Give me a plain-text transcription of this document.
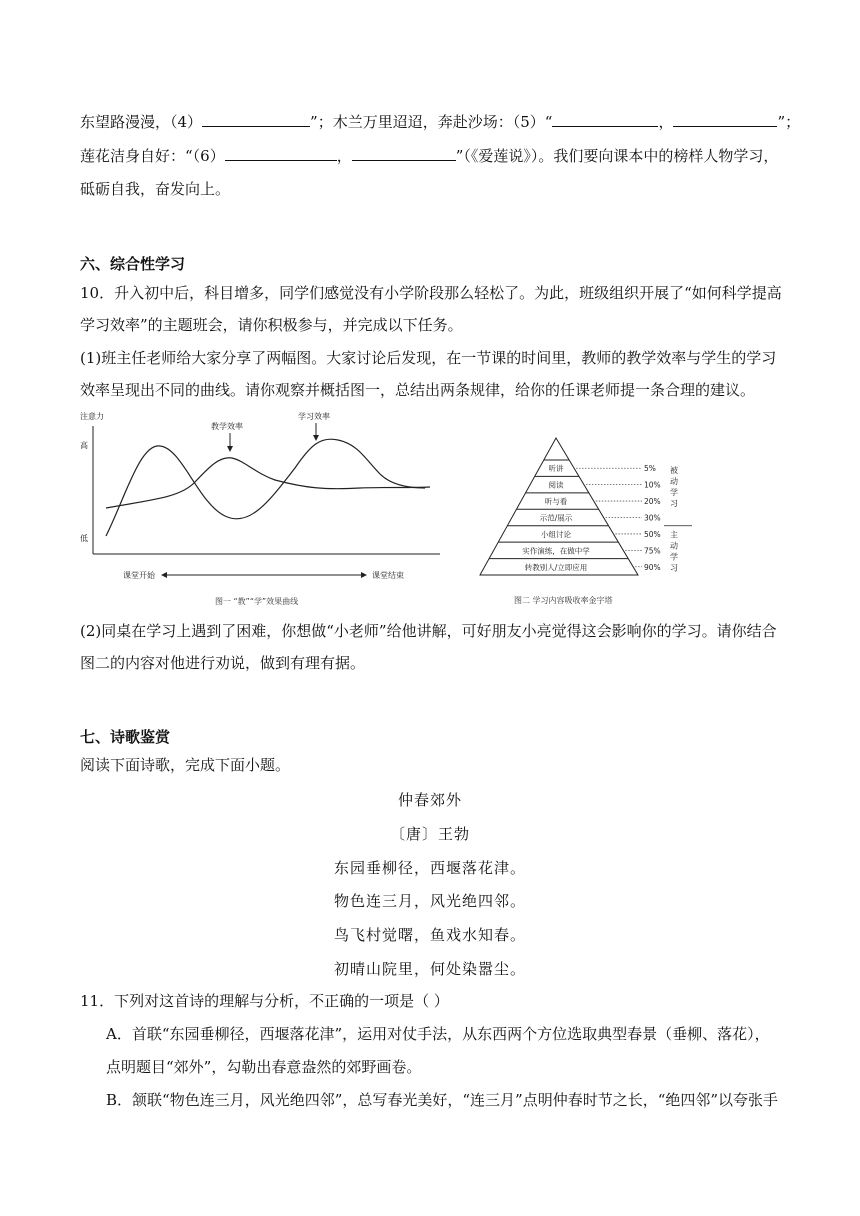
东望路漫漫，（4）	”；木兰万里迢迢，奔赴沙场：（5）“	，	”；
莲花洁身自好：“（6）	，	”（《爱莲说》）。我们要向课本中的榜样人物学习，
砥砺自我，奋发向上。
六、综合性学习
10．升入初中后，科目增多，同学们感觉没有小学阶段那么轻松了。为此，班级组织开展了“如何科学提高
学习效率”的主题班会，请你积极参与，并完成以下任务。
(1)班主任老师给大家分享了两幅图。大家讨论后发现，在一节课的时间里，教师的教学效率与学生的学习
效率呈现出不同的曲线。请你观察并概括图一，总结出两条规律，给你的任课老师提一条合理的建议。
注意力
高
低
教学效率
学习效率
课堂开始	课堂结束
图一 “教”“学”效果曲线
听讲	5%
阅读	10%
听与看	20%
示范/展示	30%
小组讨论	50%
实作演练，在做中学	75%
转教别人/立即应用	90%
被
动
学
习
主
动
学
习
图二 学习内容吸收率金字塔
(2)同桌在学习上遇到了困难，你想做“小老师”给他讲解，可好朋友小亮觉得这会影响你的学习。请你结合
图二的内容对他进行劝说，做到有理有据。
七、诗歌鉴赏
阅读下面诗歌，完成下面小题。
仲春郊外
〔唐〕王勃
东园垂柳径，西堰落花津。
物色连三月，风光绝四邻。
鸟飞村觉曙，鱼戏水知春。
初晴山院里，何处染嚣尘。
11．下列对这首诗的理解与分析，不正确的一项是（ ）
A．首联“东园垂柳径，西堰落花津”，运用对仗手法，从东西两个方位选取典型春景（垂柳、落花），
点明题目“郊外”，勾勒出春意盎然的郊野画卷。
B．颔联“物色连三月，风光绝四邻”，总写春光美好，“连三月”点明仲春时节之长，“绝四邻”以夸张手
